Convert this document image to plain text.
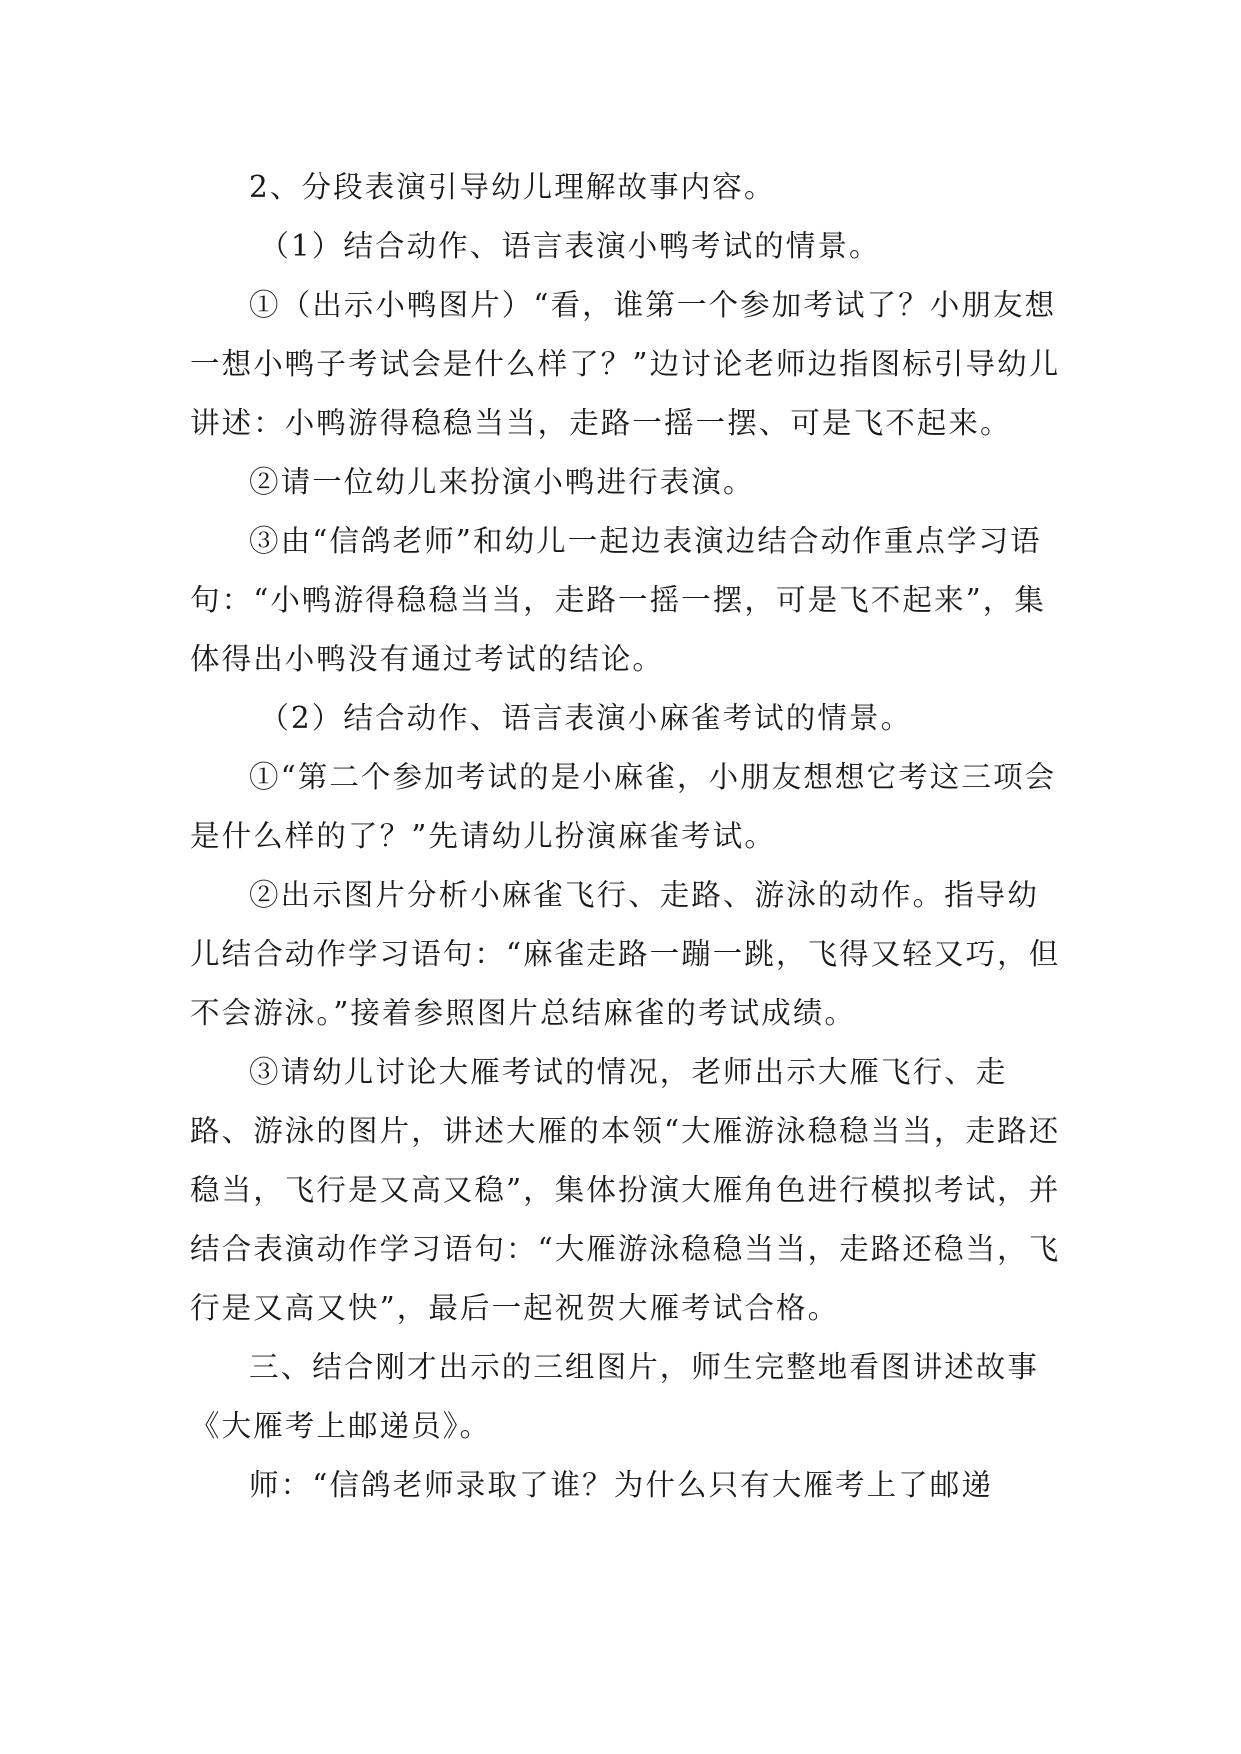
2、分段表演引导幼儿理解故事内容。

（1）结合动作、语言表演小鸭考试的情景。

①（出示小鸭图片）“看，谁第一个参加考试了？小朋友想一想小鸭子考试会是什么样了？”边讨论老师边指图标引导幼儿讲述：小鸭游得稳稳当当，走路一摇一摆、可是飞不起来。

②请一位幼儿来扮演小鸭进行表演。

③由“信鸽老师”和幼儿一起边表演边结合动作重点学习语句：“小鸭游得稳稳当当，走路一摇一摆，可是飞不起来”，集体得出小鸭没有通过考试的结论。

（2）结合动作、语言表演小麻雀考试的情景。

①“第二个参加考试的是小麻雀，小朋友想想它考这三项会是什么样的了？”先请幼儿扮演麻雀考试。

②出示图片分析小麻雀飞行、走路、游泳的动作。指导幼儿结合动作学习语句：“麻雀走路一蹦一跳，飞得又轻又巧，但不会游泳。”接着参照图片总结麻雀的考试成绩。

③请幼儿讨论大雁考试的情况，老师出示大雁飞行、走路、游泳的图片，讲述大雁的本领“大雁游泳稳稳当当，走路还稳当，飞行是又高又稳”，集体扮演大雁角色进行模拟考试，并结合表演动作学习语句：“大雁游泳稳稳当当，走路还稳当，飞行是又高又快”，最后一起祝贺大雁考试合格。

三、结合刚才出示的三组图片，师生完整地看图讲述故事《大雁考上邮递员》。

师：“信鸽老师录取了谁？为什么只有大雁考上了邮递
